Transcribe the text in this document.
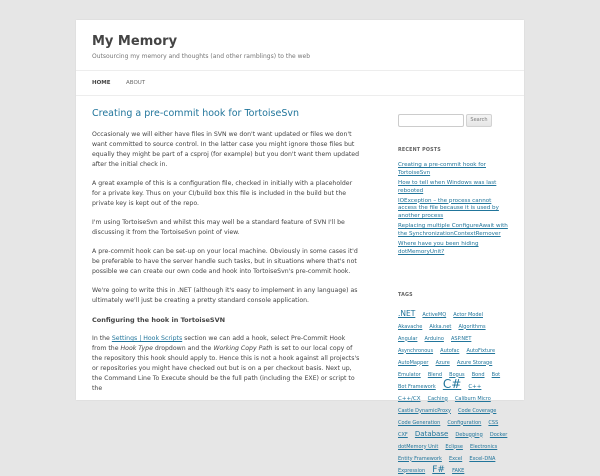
My Memory
Outsourcing my memory and thoughts (and other ramblings) to the web
HOME	ABOUT
Creating a pre-commit hook for TortoiseSvn

Occasionaly we will either have files in SVN we don't want updated or files we don't want committed to source control. In the latter case you might ignore those files but equally they might be part of a csproj (for example) but you don't want them updated after the initial check in.

A great example of this is a configuration file, checked in initially with a placeholder for a private key. Thus on your CI/build box this file is included in the build but the private key is kept out of the repo.

I'm using TortoiseSvn and whilst this may well be a standard feature of SVN I'll be discussing it from the TortoiseSvn point of view.

A pre-commit hook can be set-up on your local machine. Obviously in some cases it'd be preferable to have the server handle such tasks, but in situations where that's not possible we can create our own code and hook into TortoiseSvn's pre-commit hook.

We're going to write this in .NET (although it's easy to implement in any language) as ultimately we'll just be creating a pretty standard console application.

Configuring the hook in TortoiseSVN

In the Settings | Hook Scripts section we can add a hook, select Pre-Commit Hook from the Hook Type dropdown and the Working Copy Path is set to our local copy of the repository this hook should apply to. Hence this is not a hook against all projects's or repositories you might have checked out but is on a per checkout basis. Next up, the Command Line To Execute should be the full path (including the EXE) or script to the

Search
RECENT POSTS
Creating a pre-commit hook for TortoiseSvn
How to tell when Windows was last rebooted
IOException – the process cannot access the file because it is used by another process
Replacing multiple ConfigureAwait with the SynchronizationContextRemover
Where have you been hiding dotMemoryUnit?
TAGS
.NET ActiveMQ Actor Model Akavache Akka.net Algorithms Angular Arduino ASP.NET Asynchronous Autofac AutoFixture AutoMapper Azure Azure Storage Emulator Blend Bogus Bond Bot Bot Framework C# C++ C++/CX Caching Caliburn Micro Castle DynamicProxy Code Coverage Code Generation Configuration CSS CXF Database Debugging Docker dotMemory Unit Eclipse Electronics Entity Framework Excel Excel-DNA Expression F# FAKE
